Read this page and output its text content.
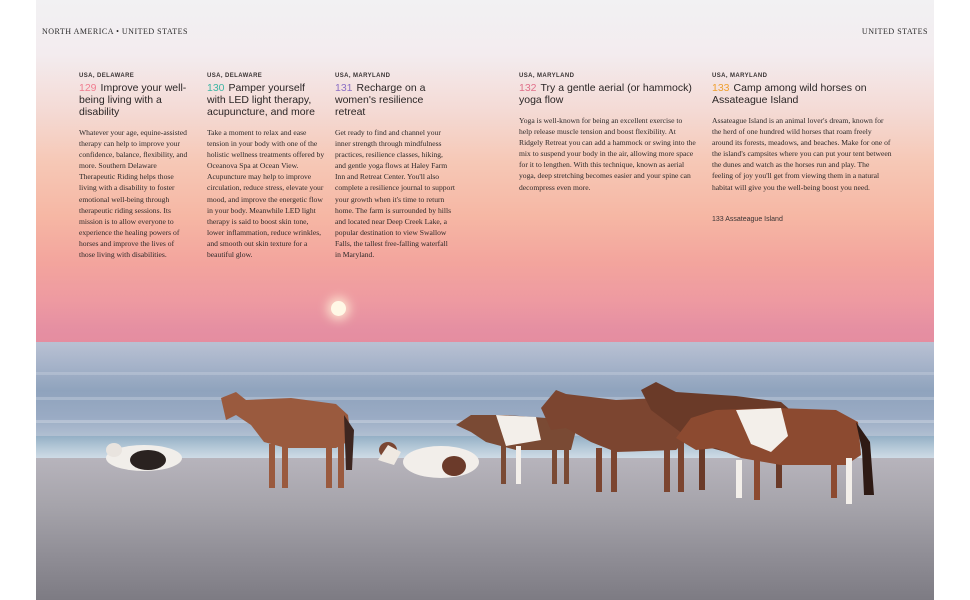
NORTH AMERICA • UNITED STATES	UNITED STATES
USA, DELAWARE
129 Improve your well-being living with a disability
Whatever your age, equine-assisted therapy can help to improve your confidence, balance, flexibility, and more. Southern Delaware Therapeutic Riding helps those living with a disability to foster emotional well-being through therapeutic riding sessions. Its mission is to allow everyone to experience the healing powers of horses and improve the lives of those living with disabilities.
USA, DELAWARE
130 Pamper yourself with LED light therapy, acupuncture, and more
Take a moment to relax and ease tension in your body with one of the holistic wellness treatments offered by Oceanova Spa at Ocean View. Acupuncture may help to improve circulation, reduce stress, elevate your mood, and improve the energetic flow in your body. Meanwhile LED light therapy is said to boost skin tone, lower inflammation, reduce wrinkles, and smooth out skin texture for a beautiful glow.
USA, MARYLAND
131 Recharge on a women's resilience retreat
Get ready to find and channel your inner strength through mindfulness practices, resilience classes, hiking, and gentle yoga flows at Haley Farm Inn and Retreat Center. You'll also complete a resilience journal to support your growth when it's time to return home. The farm is surrounded by hills and located near Deep Creek Lake, a popular destination to view Swallow Falls, the tallest free-falling waterfall in Maryland.
USA, MARYLAND
132 Try a gentle aerial (or hammock) yoga flow
Yoga is well-known for being an excellent exercise to help release muscle tension and boost flexibility. At Ridgely Retreat you can add a hammock or swing into the mix to suspend your body in the air, allowing more space for it to lengthen. With this technique, known as aerial yoga, deep stretching becomes easier and your spine can decompress even more.
USA, MARYLAND
133 Camp among wild horses on Assateague Island
Assateague Island is an animal lover's dream, known for the herd of one hundred wild horses that roam freely around its forests, meadows, and beaches. Make for one of the island's campsites where you can put your tent between the dunes and watch as the horses run and play. The feeling of joy you'll get from viewing them in a natural habitat will give you the well-being boost you need.
133 Assateague Island
